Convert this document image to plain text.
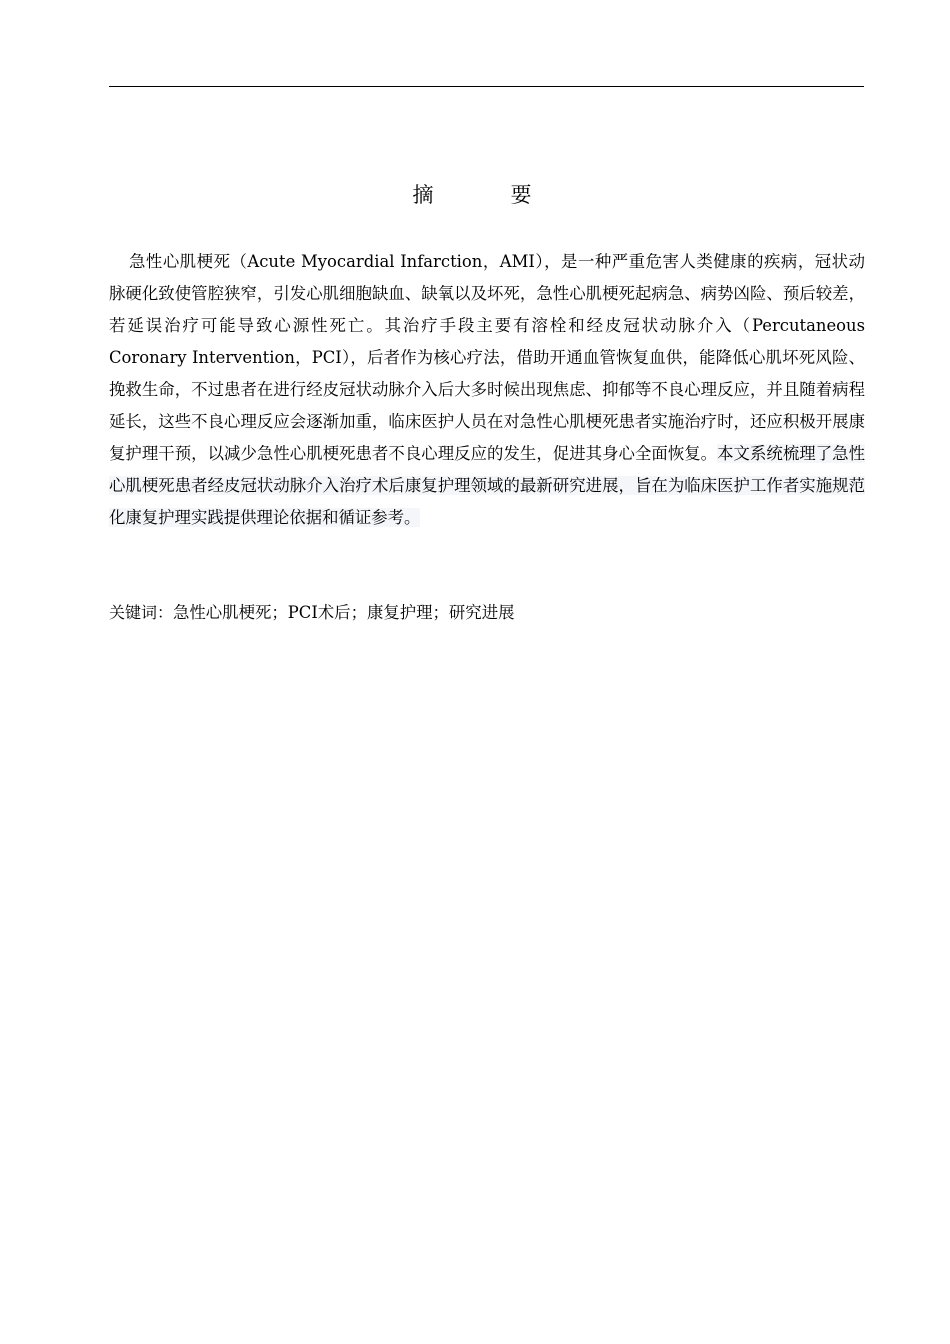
摘　要

急性心肌梗死（Acute Myocardial Infarction，AMI），是一种严重危害人类健康的疾病，冠状动脉硬化致使管腔狭窄，引发心肌细胞缺血、缺氧以及坏死，急性心肌梗死起病急、病势凶险、预后较差，若延误治疗可能导致心源性死亡。其治疗手段主要有溶栓和经皮冠状动脉介入（Percutaneous Coronary Intervention，PCI），后者作为核心疗法，借助开通血管恢复血供，能降低心肌坏死风险、挽救生命，不过患者在进行经皮冠状动脉介入后大多时候出现焦虑、抑郁等不良心理反应，并且随着病程延长，这些不良心理反应会逐渐加重，临床医护人员在对急性心肌梗死患者实施治疗时，还应积极开展康复护理干预，以减少急性心肌梗死患者不良心理反应的发生，促进其身心全面恢复。本文系统梳理了急性心肌梗死患者经皮冠状动脉介入治疗术后康复护理领域的最新研究进展，旨在为临床医护工作者实施规范化康复护理实践提供理论依据和循证参考。

关键词：急性心肌梗死；PCI术后；康复护理；研究进展
